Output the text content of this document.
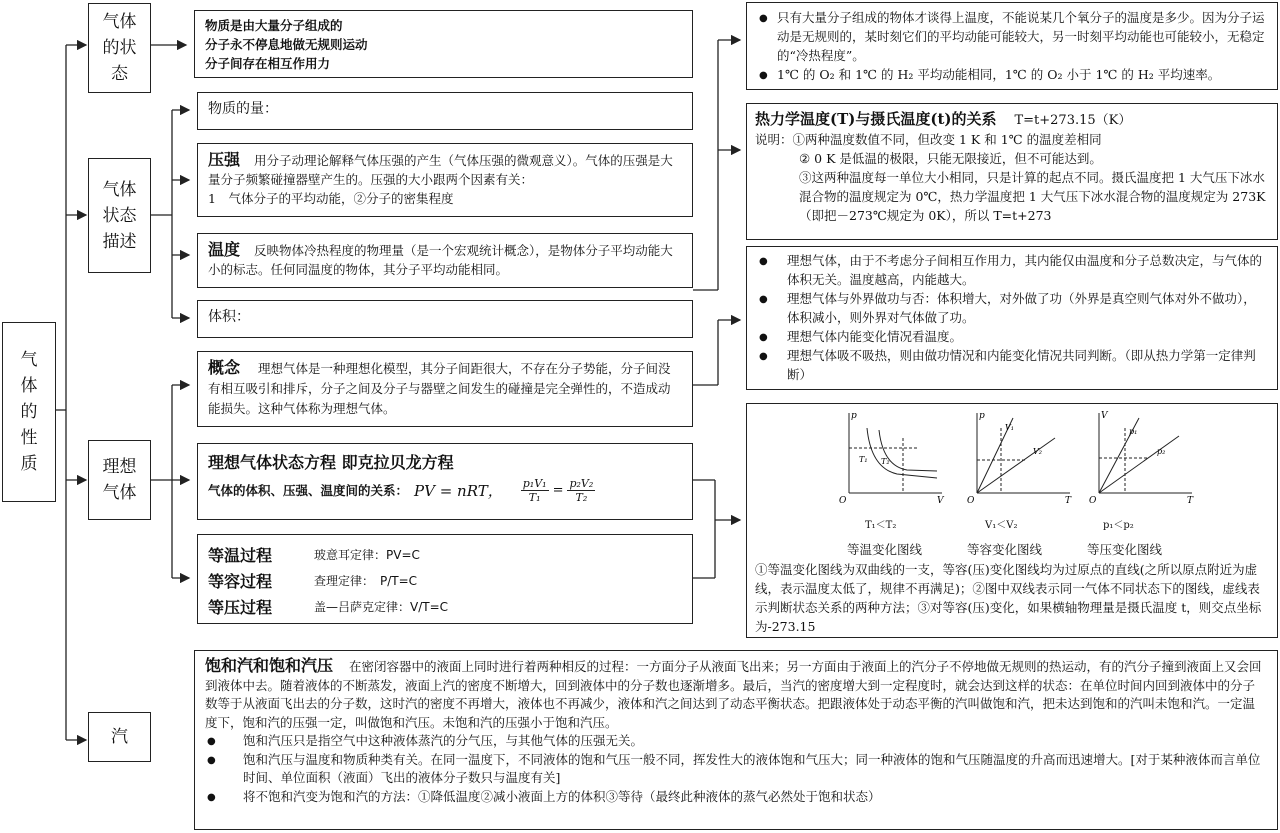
气体的性质
气体的状态
气体状态描述
理想气体
汽
物质是由大量分子组成的
分子永不停息地做无规则运动
分子间存在相互作用力
● 只有大量分子组成的物体才谈得上温度，不能说某几个氧分子的温度是多少。因为分子运动是无规则的，某时刻它们的平均动能可能较大，另一时刻平均动能也可能较小，无稳定的“冷热程度”。
● 1℃ 的 O₂ 和 1℃ 的 H₂ 平均动能相同，1℃ 的 O₂ 小于 1℃ 的 H₂ 平均速率。
物质的量：
压强 用分子动理论解释气体压强的产生（气体压强的微观意义）。气体的压强是大量分子频繁碰撞器壁产生的。压强的大小跟两个因素有关：
1　气体分子的平均动能，②分子的密集程度
温度 反映物体冷热程度的物理量（是一个宏观统计概念），是物体分子平均动能大小的标志。任何同温度的物体，其分子平均动能相同。
体积：
热力学温度(T)与摄氏温度(t)的关系 T=t+273.15（K）
说明：①两种温度数值不同，但改变 1 K 和 1℃ 的温度差相同
② 0 K 是低温的极限，只能无限接近，但不可能达到。
③这两种温度每一单位大小相同，只是计算的起点不同。摄氏温度把 1 大气压下冰水混合物的温度规定为 0℃，热力学温度把 1 大气压下冰水混合物的温度规定为 273K（即把－273℃规定为 0K），所以 T=t+273
● 理想气体，由于不考虑分子间相互作用力，其内能仅由温度和分子总数决定，与气体的体积无关。温度越高，内能越大。
● 理想气体与外界做功与否：体积增大，对外做了功（外界是真空则气体对外不做功），体积减小，则外界对气体做了功。
● 理想气体内能变化情况看温度。
● 理想气体吸不吸热，则由做功情况和内能变化情况共同判断。（即从热力学第一定律判断）
概念 理想气体是一种理想化模型，其分子间距很大，不存在分子势能，分子间没有相互吸引和排斥，分子之间及分子与器壁之间发生的碰撞是完全弹性的，不造成动能损失。这种气体称为理想气体。
理想气体状态方程 即克拉贝龙方程
气体的体积、压强、温度间的关系： PV = nRT， $\frac{\text{p₁V₁}}{\text{T₁}} = \frac{\text{p₂V₂}}{\text{T₂}}$
等温过程	玻意耳定律：PV=C
等容过程	查理定律：　P/T=C
等压过程	盖—吕萨克定律：V/T=C
p
V
O
T₁ T₂
p
T
O
V₁
V₂
V
T
O
p₁
p₂
T₁＜T₂	V₁＜V₂	p₁＜p₂
等温变化图线	等容变化图线	等压变化图线
①等温变化图线为双曲线的一支，等容(压)变化图线均为过原点的直线(之所以原点附近为虚线，表示温度太低了，规律不再满足)；②图中双线表示同一气体不同状态下的图线，虚线表示判断状态关系的两种方法；③对等容(压)变化，如果横轴物理量是摄氏温度 t，则交点坐标为-273.15
饱和汽和饱和汽压 在密闭容器中的液面上同时进行着两种相反的过程：一方面分子从液面飞出来；另一方面由于液面上的汽分子不停地做无规则的热运动，有的汽分子撞到液面上又会回到液体中去。随着液体的不断蒸发，液面上汽的密度不断增大，回到液体中的分子数也逐渐增多。最后，当汽的密度增大到一定程度时，就会达到这样的状态：在单位时间内回到液体中的分子数等于从液面飞出去的分子数，这时汽的密度不再增大，液体也不再减少，液体和汽之间达到了动态平衡状态。把跟液体处于动态平衡的汽叫做饱和汽，把未达到饱和的汽叫未饱和汽。一定温度下，饱和汽的压强一定，叫做饱和汽压。未饱和汽的压强小于饱和汽压。
● 饱和汽压只是指空气中这种液体蒸汽的分气压，与其他气体的压强无关。
● 饱和汽压与温度和物质种类有关。在同一温度下，不同液体的饱和气压一般不同，挥发性大的液体饱和气压大；同一种液体的饱和气压随温度的升高而迅速增大。[对于某种液体而言单位时间、单位面积（液面）飞出的液体分子数只与温度有关]
● 将不饱和汽变为饱和汽的方法：①降低温度②减小液面上方的体积③等待（最终此种液体的蒸气必然处于饱和状态）
